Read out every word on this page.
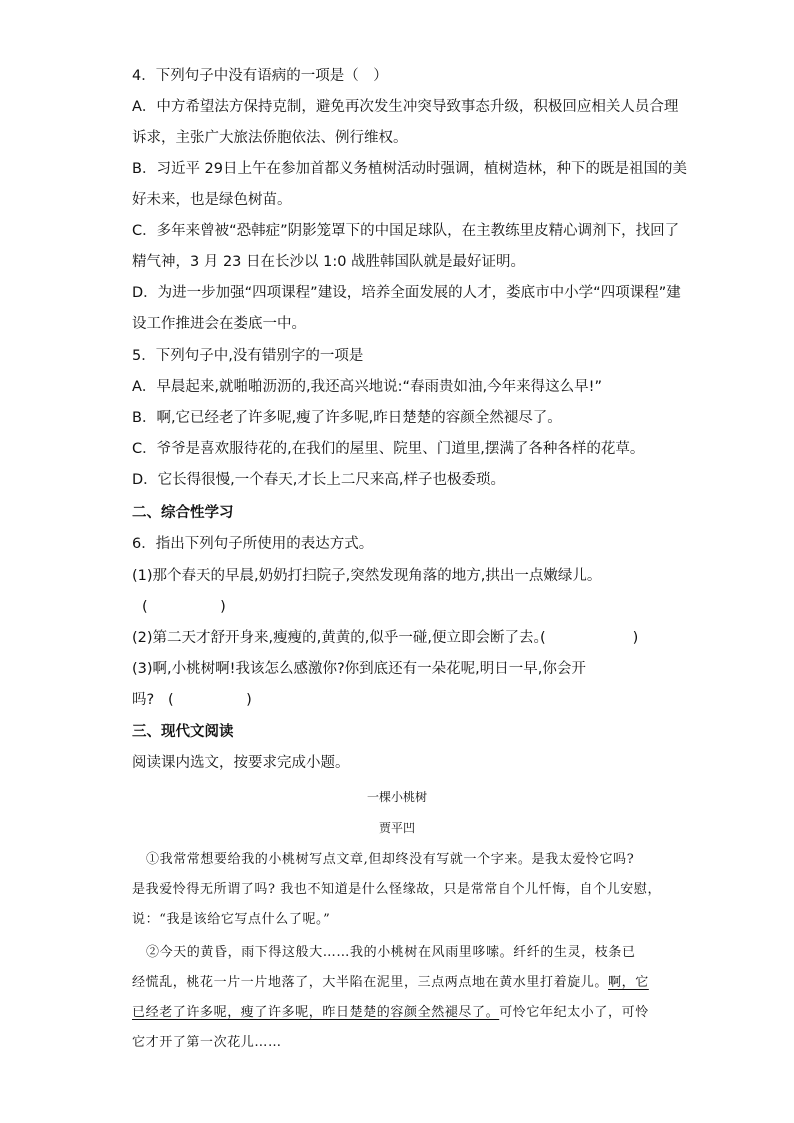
4．下列句子中没有语病的一项是（　）
A．中方希望法方保持克制，避免再次发生冲突导致事态升级，积极回应相关人员合理
诉求，主张广大旅法侨胞依法、例行维权。
B．习近平 29日上午在参加首都义务植树活动时强调，植树造林，种下的既是祖国的美
好未来，也是绿色树苗。
C．多年来曾被“恐韩症”阴影笼罩下的中国足球队，在主教练里皮精心调剂下，找回了
精气神，3 月 23 日在长沙以 1:0 战胜韩国队就是最好证明。
D．为进一步加强“四项课程”建设，培养全面发展的人才，娄底市中小学“四项课程”建
设工作推进会在娄底一中。
5．下列句子中,没有错别字的一项是
A．早晨起来,就啪啪沥沥的,我还高兴地说:“春雨贵如油,今年来得这么早!”
B．啊,它已经老了许多呢,瘦了许多呢,昨日楚楚的容颜全然褪尽了。
C．爷爷是喜欢服待花的,在我们的屋里、院里、门道里,摆满了各种各样的花草。
D．它长得很慢,一个春天,才长上二尺来高,样子也极委琐。
二、综合性学习
6．指出下列句子所使用的表达方式。
(1)那个春天的早晨,奶奶打扫院子,突然发现角落的地方,拱出一点嫩绿儿。
(　　　　　)
(2)第二天才舒开身来,瘦瘦的,黄黄的,似乎一碰,便立即会断了去。
(　　　　　　)
(3)啊,小桃树啊!我该怎么感激你?你到底还有一朵花呢,明日一早,你会开
吗? (　　　　　)
三、现代文阅读
阅读课内选文，按要求完成小题。
一棵小桃树
贾平凹
①我常常想要给我的小桃树写点文章,但却终没有写就一个字来。是我太爱怜它吗?
是我爱怜得无所谓了吗? 我也不知道是什么怪缘故，只是常常自个儿忏悔，自个儿安慰，
说：“我是该给它写点什么了呢。”
②今天的黄昏，雨下得这般大……我的小桃树在风雨里哆嗦。纤纤的生灵，枝条已
经慌乱，桃花一片一片地落了，大半陷在泥里，三点两点地在黄水里打着旋儿。啊，它
已经老了许多呢，瘦了许多呢，昨日楚楚的容颜全然褪尽了。可怜它年纪太小了，可怜
它才开了第一次花儿……
